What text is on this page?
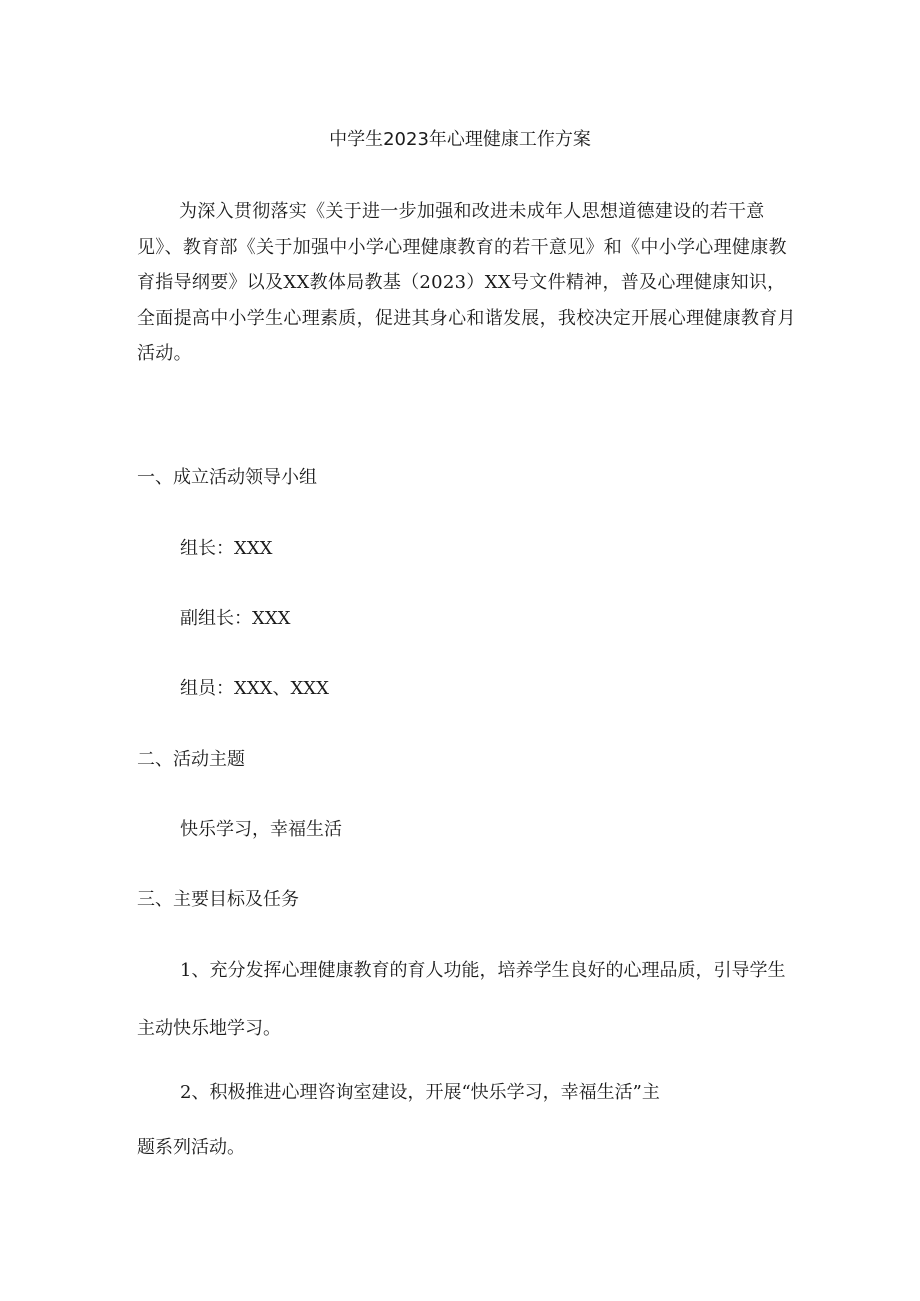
中学生2023年心理健康工作方案

为深入贯彻落实《关于进一步加强和改进未成年人思想道德建设的若干意见》、教育部《关于加强中小学心理健康教育的若干意见》和《中小学心理健康教育指导纲要》以及XX教体局教基（2023）XX号文件精神，普及心理健康知识，全面提高中小学生心理素质，促进其身心和谐发展，我校决定开展心理健康教育月活动。

一、成立活动领导小组

组长：XXX

副组长：XXX

组员：XXX、XXX

二、活动主题

快乐学习，幸福生活

三、主要目标及任务

1、充分发挥心理健康教育的育人功能，培养学生良好的心理品质，引导学生主动快乐地学习。

2、积极推进心理咨询室建设，开展“快乐学习，幸福生活”主

题系列活动。
